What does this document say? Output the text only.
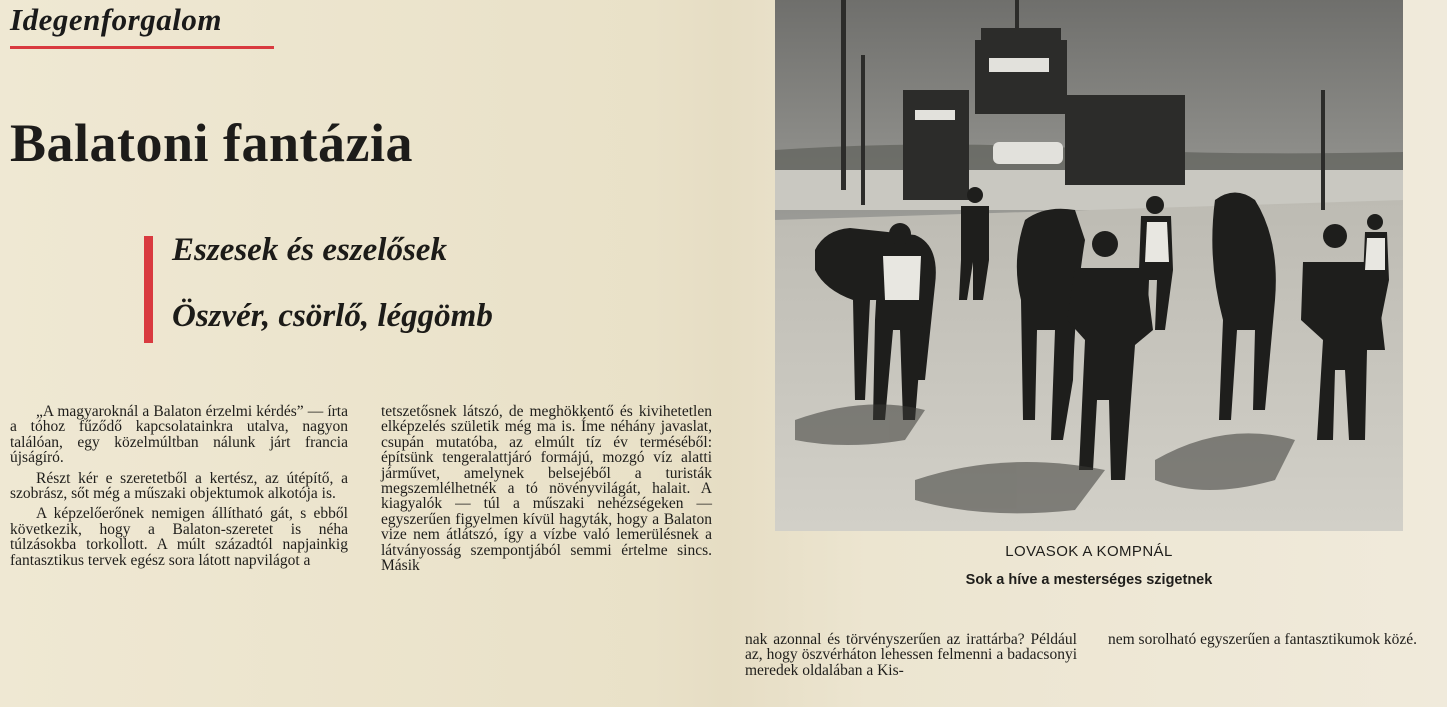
Idegenforgalom
Balatoni fantázia
Eszesek és eszelősek
Öszvér, csörlő, léggömb

„A magyaroknál a Balaton érzelmi kérdés” — írta a tóhoz fűződő kapcsolatainkra utalva, nagyon találóan, egy közelmúltban nálunk járt francia újságíró.

Részt kér e szeretetből a kertész, az útépítő, a szobrász, sőt még a műszaki objektumok alkotója is.

A képzelőerőnek nemigen állítható gát, s ebből következik, hogy a Balaton-szeretet is néha túlzásokba torkollott. A múlt századtól napjainkig fantasztikus tervek egész sora látott napvilágot a

tetszetősnek látszó, de meghökkentő és kivihetetlen elképzelés születik még ma is. Íme néhány javaslat, csupán mutatóba, az elmúlt tíz év terméséből: építsünk tengeralattjáró formájú, mozgó víz alatti járművet, amelynek belsejéből a turisták megszemlélhetnék a tó növényvilágát, halait. A kiagyalók — túl a műszaki nehézségeken — egyszerűen figyelmen kívül hagyták, hogy a Balaton vize nem átlátszó, így a vízbe való lemerülésnek a látványosság szempontjából semmi értelme sincs. Másik

nak azonnal és törvényszerűen az irattárba? Például az, hogy öszvérháton lehessen felmenni a badacsonyi meredek oldalában a Kis-

nem sorolható egyszerűen a fantasztikumok közé.

LOVASOK A KOMPNÁL
Sok a híve a mesterséges szigetnek
